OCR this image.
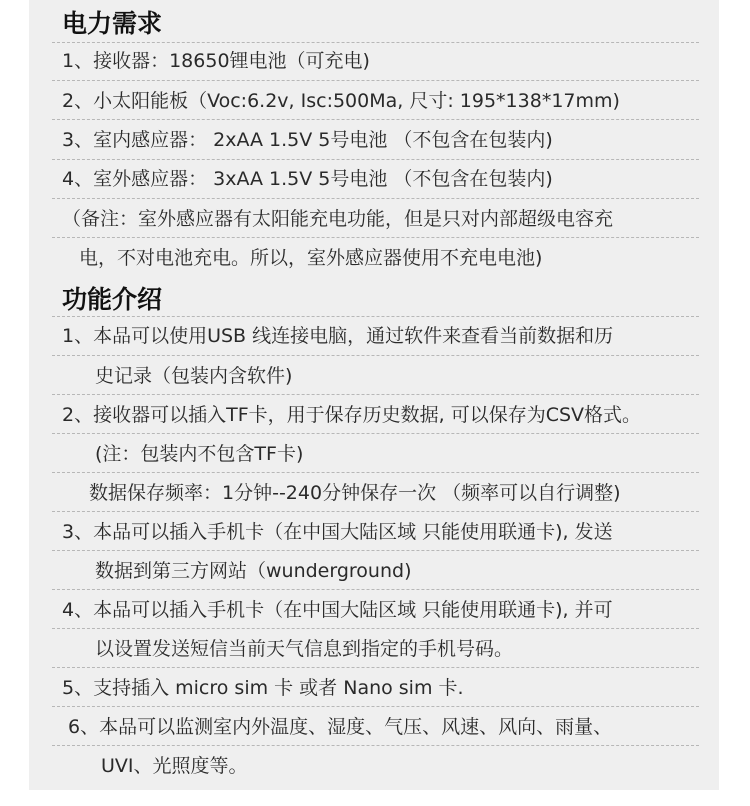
电力需求
1、接收器：18650锂电池（可充电)
2、小太阳能板（Voc:6.2v, Isc:500Ma, 尺寸: 195*138*17mm)
3、室内感应器： 2xAA 1.5V 5号电池 （不包含在包装内)
4、室外感应器： 3xAA 1.5V 5号电池 （不包含在包装内)
（备注：室外感应器有太阳能充电功能，但是只对内部超级电容充
电，不对电池充电。所以，室外感应器使用不充电电池)
功能介绍
1、本品可以使用USB 线连接电脑，通过软件来查看当前数据和历
史记录（包装内含软件)
2、接收器可以插入TF卡，用于保存历史数据, 可以保存为CSV格式。
(注：包装内不包含TF卡)
数据保存频率：1分钟--240分钟保存一次 （频率可以自行调整)
3、本品可以插入手机卡（在中国大陆区域 只能使用联通卡), 发送
数据到第三方网站（wunderground)
4、本品可以插入手机卡（在中国大陆区域 只能使用联通卡), 并可
以设置发送短信当前天气信息到指定的手机号码。
5、支持插入 micro sim 卡 或者 Nano sim 卡.
6、本品可以监测室内外温度、湿度、气压、风速、风向、雨量、
UVI、光照度等。
